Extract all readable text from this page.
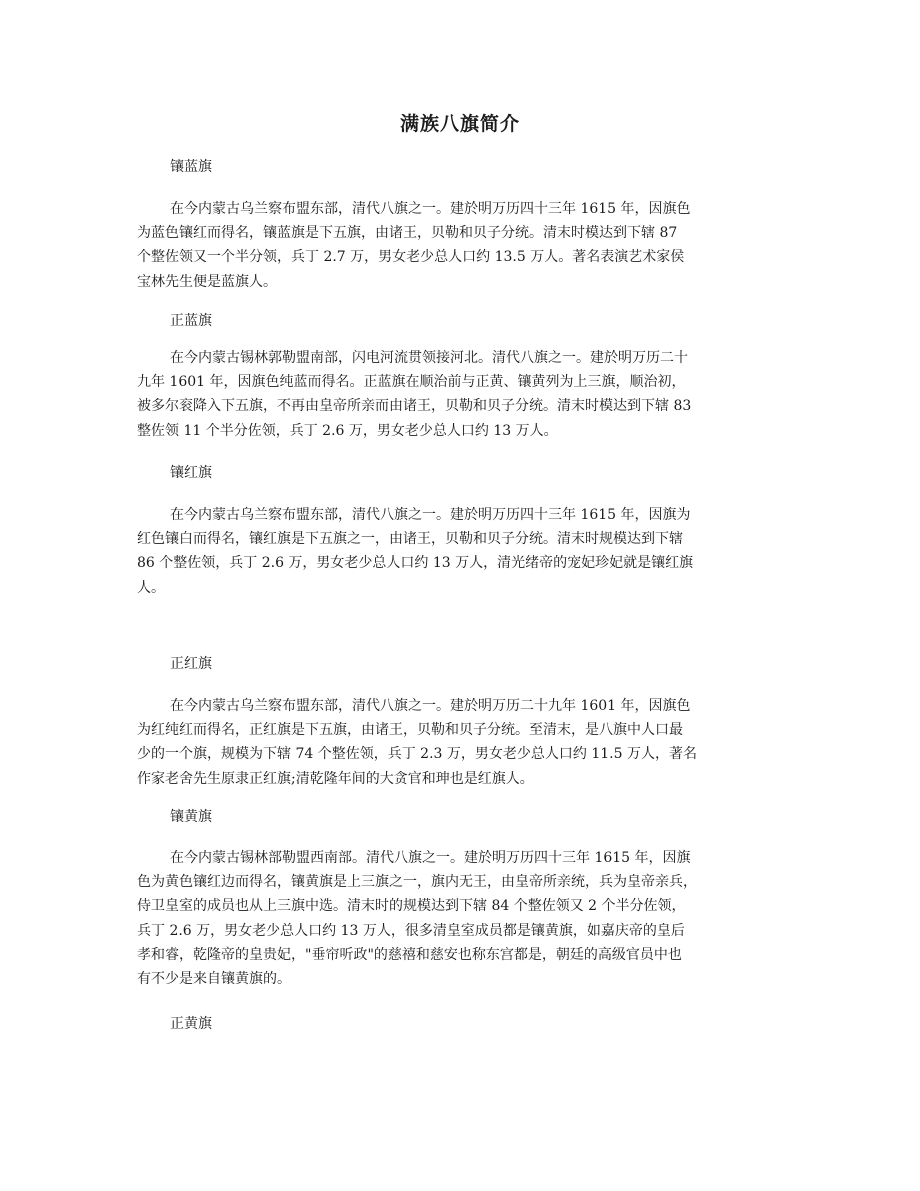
满族八旗简介
镶蓝旗
在今内蒙古乌兰察布盟东部，清代八旗之一。建於明万历四十三年 1615 年，因旗色
为蓝色镶红而得名，镶蓝旗是下五旗，由诸王，贝勒和贝子分统。清末时模达到下辖 87
个整佐领又一个半分领，兵丁 2.7 万，男女老少总人口约 13.5 万人。著名表演艺术家侯
宝林先生便是蓝旗人。
正蓝旗
在今内蒙古锡林郭勒盟南部，闪电河流贯领接河北。清代八旗之一。建於明万历二十
九年 1601 年，因旗色纯蓝而得名。正蓝旗在顺治前与正黄、镶黄列为上三旗，顺治初，
被多尔衮降入下五旗，不再由皇帝所亲而由诸王，贝勒和贝子分统。清末时模达到下辖 83
整佐领 11 个半分佐领，兵丁 2.6 万，男女老少总人口约 13 万人。
镶红旗
在今内蒙古乌兰察布盟东部，清代八旗之一。建於明万历四十三年 1615 年，因旗为
红色镶白而得名，镶红旗是下五旗之一，由诸王，贝勒和贝子分统。清末时规模达到下辖
86 个整佐领，兵丁 2.6 万，男女老少总人口约 13 万人，清光绪帝的宠妃珍妃就是镶红旗
人。
正红旗
在今内蒙古乌兰察布盟东部，清代八旗之一。建於明万历二十九年 1601 年，因旗色
为红纯红而得名，正红旗是下五旗，由诸王，贝勒和贝子分统。至清末，是八旗中人口最
少的一个旗，规模为下辖 74 个整佐领，兵丁 2.3 万，男女老少总人口约 11.5 万人，著名
作家老舍先生原隶正红旗;清乾隆年间的大贪官和珅也是红旗人。
镶黄旗
在今内蒙古锡林部勒盟西南部。清代八旗之一。建於明万历四十三年 1615 年，因旗
色为黄色镶红边而得名，镶黄旗是上三旗之一，旗内无王，由皇帝所亲统，兵为皇帝亲兵，
侍卫皇室的成员也从上三旗中选。清末时的规模达到下辖 84 个整佐领又 2 个半分佐领，
兵丁 2.6 万，男女老少总人口约 13 万人，很多清皇室成员都是镶黄旗，如嘉庆帝的皇后
孝和睿，乾隆帝的皇贵妃，"垂帘听政"的慈禧和慈安也称东宫都是，朝廷的高级官员中也
有不少是来自镶黄旗的。
正黄旗
